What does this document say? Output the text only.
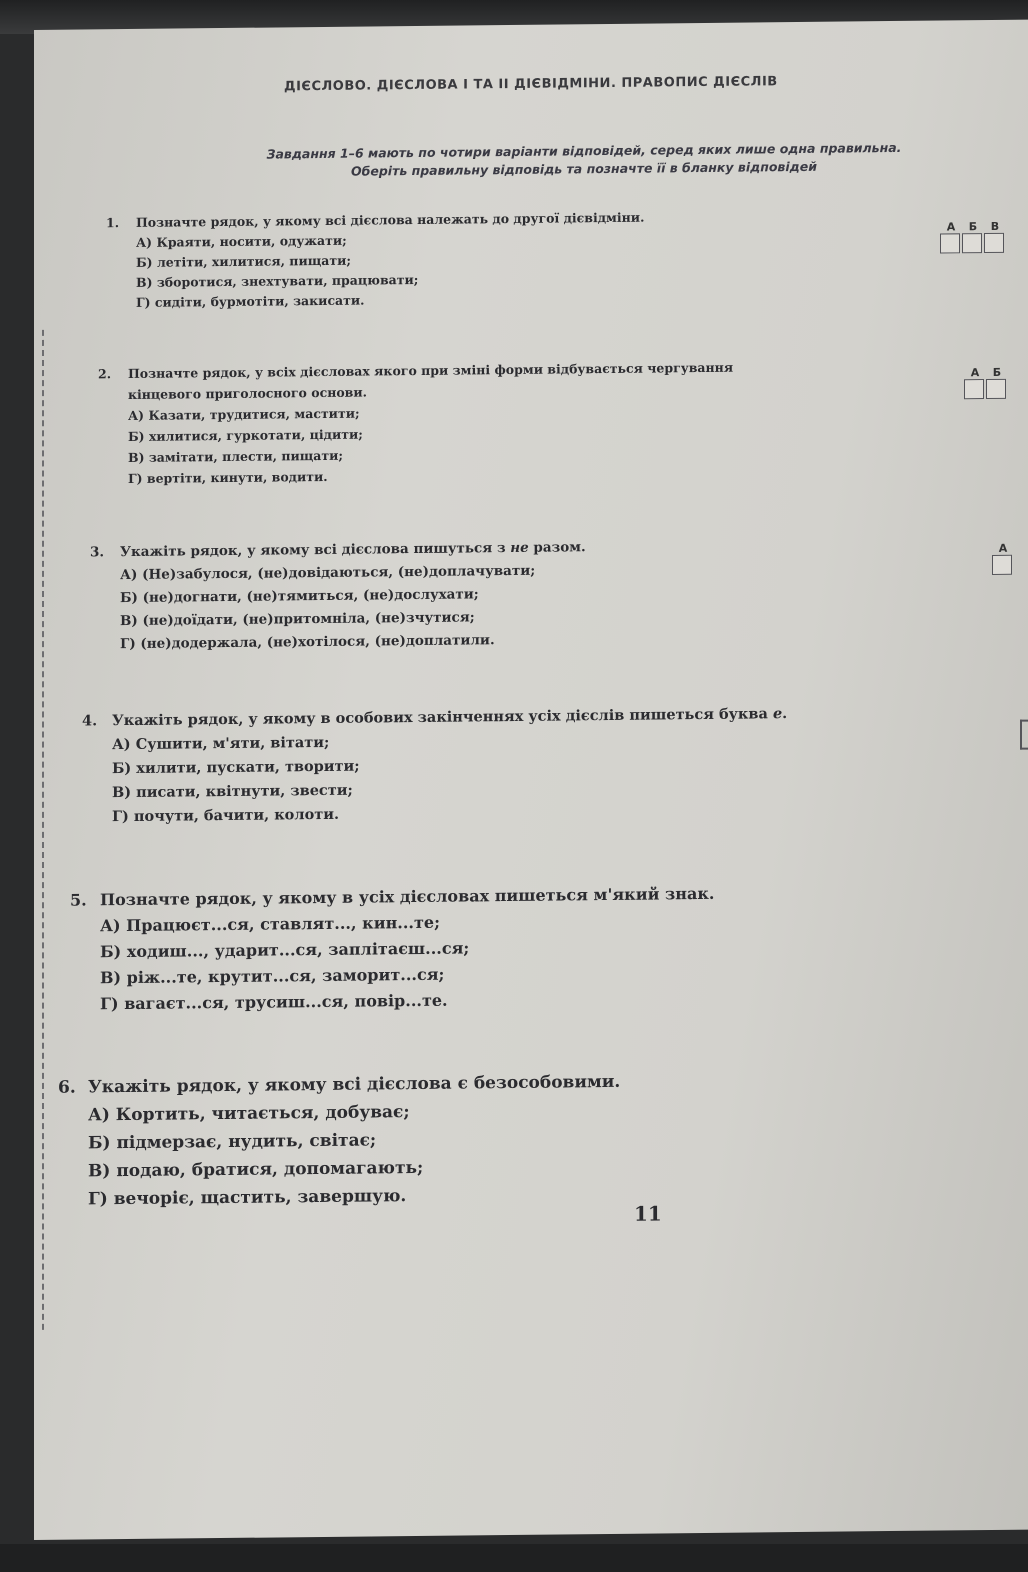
ДІЄСЛОВО. ДІЄСЛОВА І ТА ІІ ДІЄВІДМІНИ. ПРАВОПИС ДІЄСЛІВ
Завдання 1–6 мають по чотири варіанти відповідей, серед яких лише одна правильна.
Оберіть правильну відповідь та позначте її в бланку відповідей
1. Позначте рядок, у якому всі дієслова належать до другої дієвідміни.
А) Краяти, носити, одужати;
Б) летіти, хилитися, пищати;
В) зборотися, знехтувати, працювати;
Г) сидіти, бурмотіти, закисати.
А	Б	В
2. Позначте рядок, у всіх дієсловах якого при зміні форми відбувається чергування
кінцевого приголосного основи.
А) Казати, трудитися, мастити;
Б) хилитися, гуркотати, цідити;
В) замітати, плести, пищати;
Г) вертіти, кинути, водити.
А	Б
3. Укажіть рядок, у якому всі дієслова пишуться з не разом.
А) (Не)забулося, (не)довідаються, (не)доплачувати;
Б) (не)догнати, (не)тямиться, (не)дослухати;
В) (не)доїдати, (не)притомніла, (не)зчутися;
Г) (не)додержала, (не)хотілося, (не)доплатили.
А
4. Укажіть рядок, у якому в особових закінченнях усіх дієслів пишеться буква е.
А) Сушити, м'яти, вітати;
Б) хилити, пускати, творити;
В) писати, квітнути, звести;
Г) почути, бачити, колоти.
5. Позначте рядок, у якому в усіх дієсловах пишеться м'який знак.
А) Працюєт...ся, ставлят..., кин...те;
Б) ходиш..., ударит...ся, заплітаєш...ся;
В) ріж...те, крутит...ся, заморит...ся;
Г) вагаєт...ся, трусиш...ся, повір...те.
6. Укажіть рядок, у якому всі дієслова є безособовими.
А) Кортить, читається, добуває;
Б) підмерзає, нудить, світає;
В) подаю, братися, допомагають;
Г) вечоріє, щастить, завершую.
11
